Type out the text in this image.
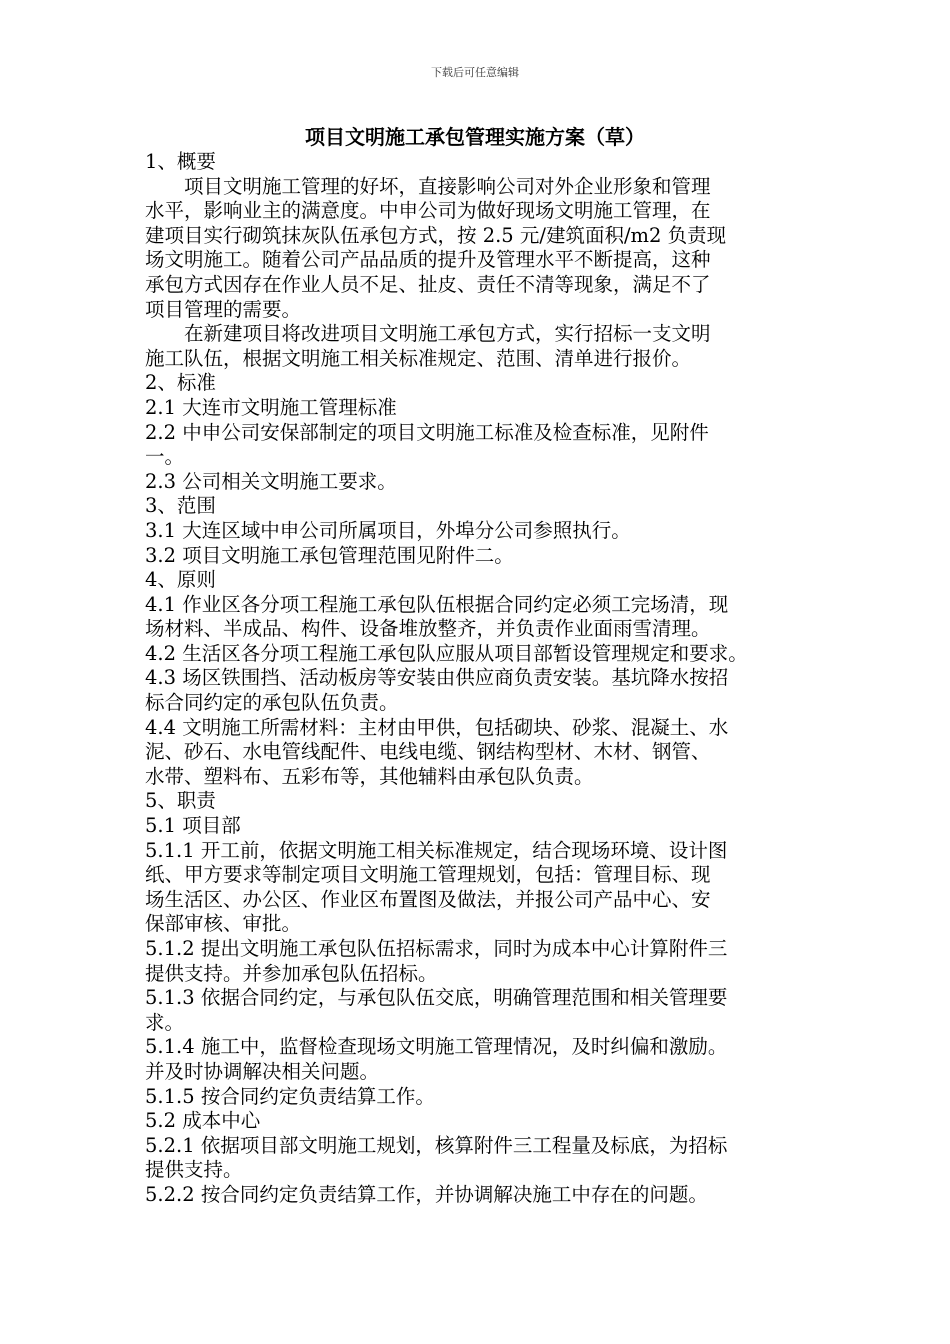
下载后可任意编辑
项目文明施工承包管理实施方案（草）
1、概要
　　项目文明施工管理的好坏，直接影响公司对外企业形象和管理
水平，影响业主的满意度。中申公司为做好现场文明施工管理，在
建项目实行砌筑抹灰队伍承包方式，按 2.5 元/建筑面积/m2 负责现
场文明施工。随着公司产品品质的提升及管理水平不断提高，这种
承包方式因存在作业人员不足、扯皮、责任不清等现象，满足不了
项目管理的需要。
　　在新建项目将改进项目文明施工承包方式，实行招标一支文明
施工队伍，根据文明施工相关标准规定、范围、清单进行报价。
2、标准
2.1 大连市文明施工管理标准
2.2 中申公司安保部制定的项目文明施工标准及检查标准，见附件
一。
2.3 公司相关文明施工要求。
3、范围
3.1 大连区域中申公司所属项目，外埠分公司参照执行。
3.2 项目文明施工承包管理范围见附件二。
4、原则
4.1 作业区各分项工程施工承包队伍根据合同约定必须工完场清，现
场材料、半成品、构件、设备堆放整齐，并负责作业面雨雪清理。
4.2 生活区各分项工程施工承包队应服从项目部暂设管理规定和要求。
4.3 场区铁围挡、活动板房等安装由供应商负责安装。基坑降水按招
标合同约定的承包队伍负责。
4.4 文明施工所需材料：主材由甲供，包括砌块、砂浆、混凝土、水
泥、砂石、水电管线配件、电线电缆、钢结构型材、木材、钢管、
水带、塑料布、五彩布等，其他辅料由承包队负责。
5、职责
5.1 项目部
5.1.1 开工前，依据文明施工相关标准规定，结合现场环境、设计图
纸、甲方要求等制定项目文明施工管理规划，包括：管理目标、现
场生活区、办公区、作业区布置图及做法，并报公司产品中心、安
保部审核、审批。
5.1.2 提出文明施工承包队伍招标需求，同时为成本中心计算附件三
提供支持。并参加承包队伍招标。
5.1.3 依据合同约定，与承包队伍交底，明确管理范围和相关管理要
求。
5.1.4 施工中，监督检查现场文明施工管理情况，及时纠偏和激励。
并及时协调解决相关问题。
5.1.5 按合同约定负责结算工作。
5.2 成本中心
5.2.1 依据项目部文明施工规划，核算附件三工程量及标底，为招标
提供支持。
5.2.2 按合同约定负责结算工作，并协调解决施工中存在的问题。
